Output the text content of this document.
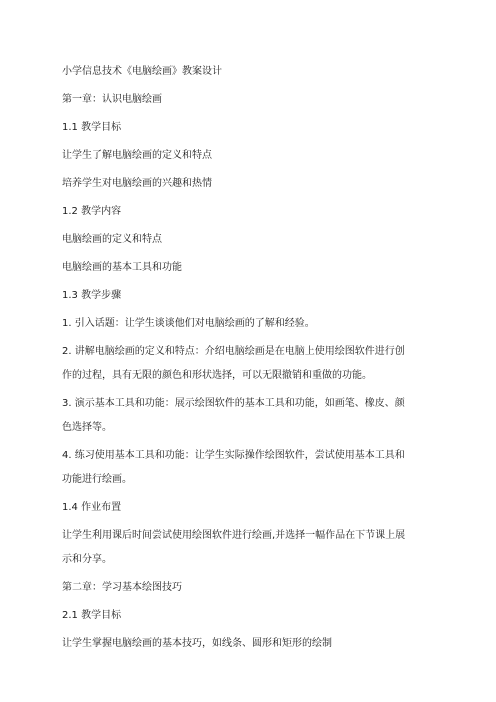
小学信息技术《电脑绘画》教案设计
第一章：认识电脑绘画
1.1 教学目标
让学生了解电脑绘画的定义和特点
培养学生对电脑绘画的兴趣和热情
1.2 教学内容
电脑绘画的定义和特点
电脑绘画的基本工具和功能
1.3 教学步骤
1. 引入话题：让学生谈谈他们对电脑绘画的了解和经验。
2. 讲解电脑绘画的定义和特点：介绍电脑绘画是在电脑上使用绘图软件进行创
作的过程，具有无限的颜色和形状选择，可以无限撤销和重做的功能。
3. 演示基本工具和功能：展示绘图软件的基本工具和功能，如画笔、橡皮、颜
色选择等。
4. 练习使用基本工具和功能：让学生实际操作绘图软件，尝试使用基本工具和
功能进行绘画。
1.4 作业布置
让学生利用课后时间尝试使用绘图软件进行绘画,并选择一幅作品在下节课上展
示和分享。
第二章：学习基本绘图技巧
2.1 教学目标
让学生掌握电脑绘画的基本技巧，如线条、圆形和矩形的绘制
